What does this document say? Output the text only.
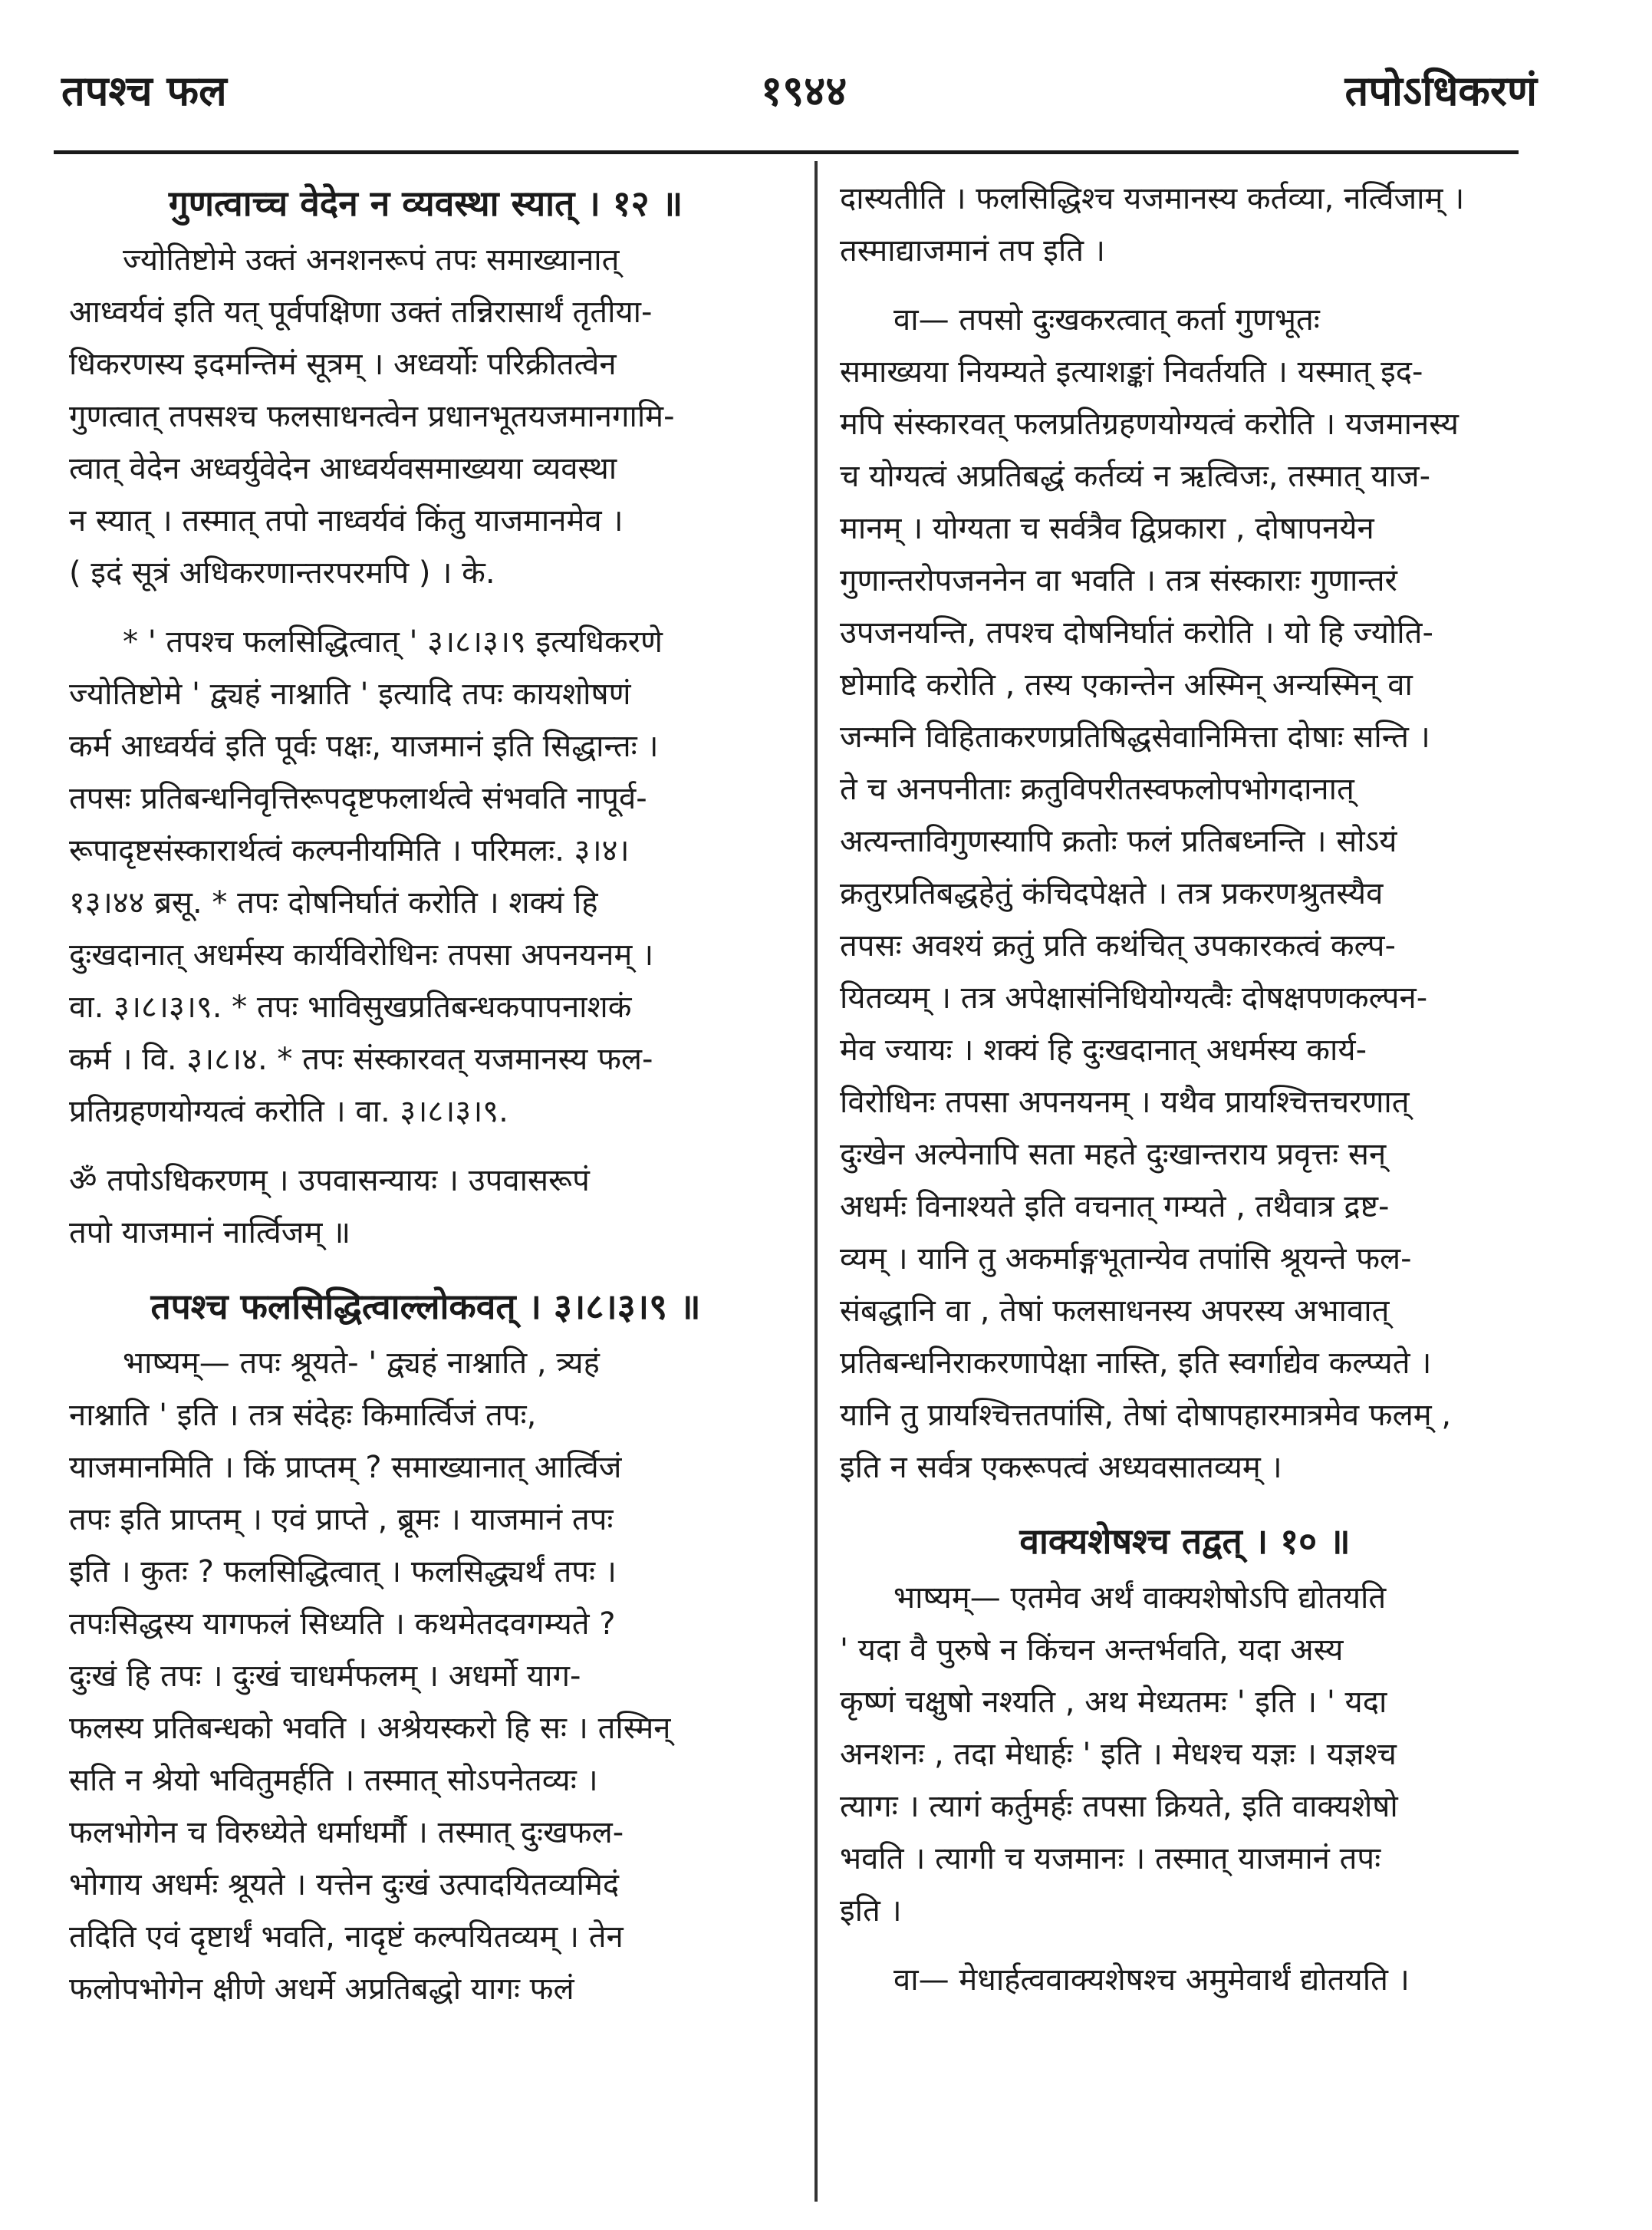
तपश्च फल	१९४४	तपोऽधिकरणं
गुणत्वाच्च वेदेन न व्यवस्था स्यात् । १२ ॥
ज्योतिष्टोमे उक्तं अनशनरूपं तपः समाख्यानात्
आध्वर्यवं इति यत् पूर्वपक्षिणा उक्तं तन्निरासार्थं तृतीया-
धिकरणस्य इदमन्तिमं सूत्रम् । अध्वर्योः परिक्रीतत्वेन
गुणत्वात् तपसश्च फलसाधनत्वेन प्रधानभूतयजमानगामि-
त्वात् वेदेन अध्वर्युवेदेन आध्वर्यवसमाख्यया व्यवस्था
न स्यात् । तस्मात् तपो नाध्वर्यवं किंतु याजमानमेव ।
( इदं सूत्रं अधिकरणान्तरपरमपि ) । के.
* ' तपश्च फलसिद्धित्वात् ' ३।८।३।९ इत्यधिकरणे
ज्योतिष्टोमे ' द्व्यहं नाश्नाति ' इत्यादि तपः कायशोषणं
कर्म आध्वर्यवं इति पूर्वः पक्षः, याजमानं इति सिद्धान्तः ।
तपसः प्रतिबन्धनिवृत्तिरूपदृष्टफलार्थत्वे संभवति नापूर्व-
रूपादृष्टसंस्कारार्थत्वं कल्पनीयमिति । परिमलः. ३।४।
१३।४४ ब्रसू. * तपः दोषनिर्घातं करोति । शक्यं हि
दुःखदानात् अधर्मस्य कार्यविरोधिनः तपसा अपनयनम् ।
वा. ३।८।३।९. * तपः भाविसुखप्रतिबन्धकपापनाशकं
कर्म । वि. ३।८।४. * तपः संस्कारवत् यजमानस्य फल-
प्रतिग्रहणयोग्यत्वं करोति । वा. ३।८।३।९.
ॐ तपोऽधिकरणम् । उपवासन्यायः । उपवासरूपं
तपो याजमानं नार्त्विजम् ॥
तपश्च फलसिद्धित्वाल्लोकवत् । ३।८।३।९ ॥
भाष्यम्— तपः श्रूयते- ' द्व्यहं नाश्नाति , त्र्यहं
नाश्नाति ' इति । तत्र संदेहः किमार्त्विजं तपः,
याजमानमिति । किं प्राप्तम् ? समाख्यानात् आर्त्विजं
तपः इति प्राप्तम् । एवं प्राप्ते , ब्रूमः । याजमानं तपः
इति । कुतः ? फलसिद्धित्वात् । फलसिद्ध्यर्थं तपः ।
तपःसिद्धस्य यागफलं सिध्यति । कथमेतदवगम्यते ?
दुःखं हि तपः । दुःखं चाधर्मफलम् । अधर्मो याग-
फलस्य प्रतिबन्धको भवति । अश्रेयस्करो हि सः । तस्मिन्
सति न श्रेयो भवितुमर्हति । तस्मात् सोऽपनेतव्यः ।
फलभोगेन च विरुध्येते धर्माधर्मौ । तस्मात् दुःखफल-
भोगाय अधर्मः श्रूयते । यत्तेन दुःखं उत्पादयितव्यमिदं
तदिति एवं दृष्टार्थं भवति, नादृष्टं कल्पयितव्यम् । तेन
फलोपभोगेन क्षीणे अधर्मे अप्रतिबद्धो यागः फलं
दास्यतीति । फलसिद्धिश्च यजमानस्य कर्तव्या, नर्त्विजाम् ।
तस्माद्याजमानं तप इति ।
वा— तपसो दुःखकरत्वात् कर्ता गुणभूतः
समाख्यया नियम्यते इत्याशङ्कां निवर्तयति । यस्मात् इद-
मपि संस्कारवत् फलप्रतिग्रहणयोग्यत्वं करोति । यजमानस्य
च योग्यत्वं अप्रतिबद्धं कर्तव्यं न ऋत्विजः, तस्मात् याज-
मानम् । योग्यता च सर्वत्रैव द्विप्रकारा , दोषापनयेन
गुणान्तरोपजननेन वा भवति । तत्र संस्काराः गुणान्तरं
उपजनयन्ति, तपश्च दोषनिर्घातं करोति । यो हि ज्योति-
ष्टोमादि करोति , तस्य एकान्तेन अस्मिन् अन्यस्मिन् वा
जन्मनि विहिताकरणप्रतिषिद्धसेवानिमित्ता दोषाः सन्ति ।
ते च अनपनीताः क्रतुविपरीतस्वफलोपभोगदानात्
अत्यन्ताविगुणस्यापि क्रतोः फलं प्रतिबध्नन्ति । सोऽयं
क्रतुरप्रतिबद्धहेतुं कंचिदपेक्षते । तत्र प्रकरणश्रुतस्यैव
तपसः अवश्यं क्रतुं प्रति कथंचित् उपकारकत्वं कल्प-
यितव्यम् । तत्र अपेक्षासंनिधियोग्यत्वैः दोषक्षपणकल्पन-
मेव ज्यायः । शक्यं हि दुःखदानात् अधर्मस्य कार्य-
विरोधिनः तपसा अपनयनम् । यथैव प्रायश्चित्तचरणात्
दुःखेन अल्पेनापि सता महते दुःखान्तराय प्रवृत्तः सन्
अधर्मः विनाश्यते इति वचनात् गम्यते , तथैवात्र द्रष्ट-
व्यम् । यानि तु अकर्माङ्गभूतान्येव तपांसि श्रूयन्ते फल-
संबद्धानि वा , तेषां फलसाधनस्य अपरस्य अभावात्
प्रतिबन्धनिराकरणापेक्षा नास्ति, इति स्वर्गाद्येव कल्प्यते ।
यानि तु प्रायश्चित्ततपांसि, तेषां दोषापहारमात्रमेव फलम् ,
इति न सर्वत्र एकरूपत्वं अध्यवसातव्यम् ।
वाक्यशेषश्च तद्वत् । १० ॥
भाष्यम्— एतमेव अर्थं वाक्यशेषोऽपि द्योतयति
' यदा वै पुरुषे न किंचन अन्तर्भवति, यदा अस्य
कृष्णं चक्षुषो नश्यति , अथ मेध्यतमः ' इति । ' यदा
अनशनः , तदा मेधार्हः ' इति । मेधश्च यज्ञः । यज्ञश्च
त्यागः । त्यागं कर्तुमर्हः तपसा क्रियते, इति वाक्यशेषो
भवति । त्यागी च यजमानः । तस्मात् याजमानं तपः
इति ।
वा— मेधार्हत्ववाक्यशेषश्च अमुमेवार्थं द्योतयति ।
